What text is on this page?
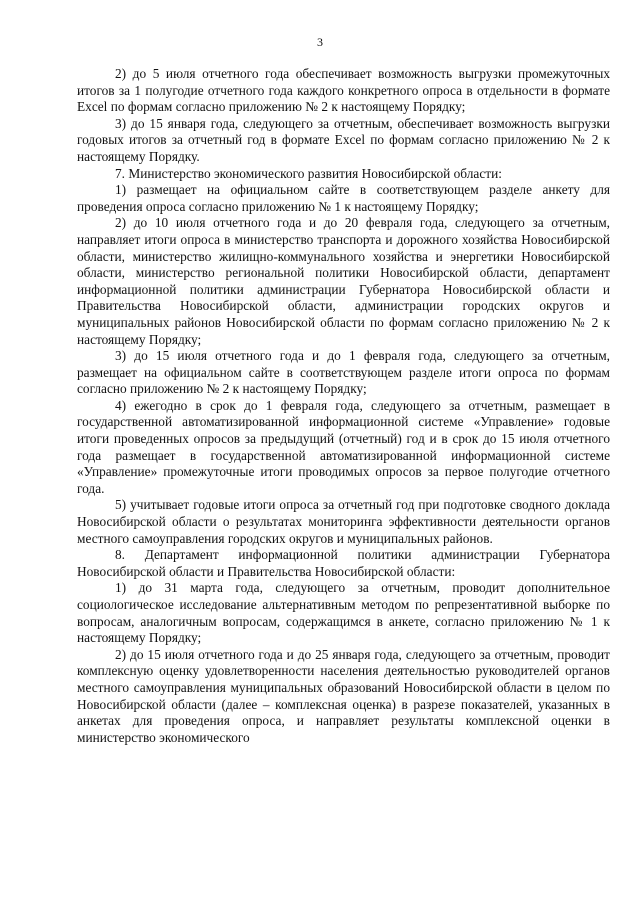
3

2) до 5 июля отчетного года обеспечивает возможность выгрузки промежуточных итогов за 1 полугодие отчетного года каждого конкретного опроса в отдельности в формате Excel по формам согласно приложению № 2 к настоящему Порядку;

3) до 15 января года, следующего за отчетным, обеспечивает возможность выгрузки годовых итогов за отчетный год в формате Excel по формам согласно приложению № 2 к настоящему Порядку.

7. Министерство экономического развития Новосибирской области:

1) размещает на официальном сайте в соответствующем разделе анкету для проведения опроса согласно приложению № 1 к настоящему Порядку;

2) до 10 июля отчетного года и до 20 февраля года, следующего за отчетным, направляет итоги опроса в министерство транспорта и дорожного хозяйства Новосибирской области, министерство жилищно-коммунального хозяйства и энергетики Новосибирской области, министерство региональной политики Новосибирской области, департамент информационной политики администрации Губернатора Новосибирской области и Правительства Новосибирской области, администрации городских округов и муниципальных районов Новосибирской области по формам согласно приложению № 2 к настоящему Порядку;

3) до 15 июля отчетного года и до 1 февраля года, следующего за отчетным, размещает на официальном сайте в соответствующем разделе итоги опроса по формам согласно приложению № 2 к настоящему Порядку;

4) ежегодно в срок до 1 февраля года, следующего за отчетным, размещает в государственной автоматизированной информационной системе «Управление» годовые итоги проведенных опросов за предыдущий (отчетный) год и в срок до 15 июля отчетного года размещает в государственной автоматизированной информационной системе «Управление» промежуточные итоги проводимых опросов за первое полугодие отчетного года.

5) учитывает годовые итоги опроса за отчетный год при подготовке сводного доклада Новосибирской области о результатах мониторинга эффективности деятельности органов местного самоуправления городских округов и муниципальных районов.

8. Департамент информационной политики администрации Губернатора Новосибирской области и Правительства Новосибирской области:

1) до 31 марта года, следующего за отчетным, проводит дополнительное социологическое исследование альтернативным методом по репрезентативной выборке по вопросам, аналогичным вопросам, содержащимся в анкете, согласно приложению № 1 к настоящему Порядку;

2) до 15 июля отчетного года и до 25 января года, следующего за отчетным, проводит комплексную оценку удовлетворенности населения деятельностью руководителей органов местного самоуправления муниципальных образований Новосибирской области в целом по Новосибирской области (далее – комплексная оценка) в разрезе показателей, указанных в анкетах для проведения опроса, и направляет результаты комплексной оценки в министерство экономического
